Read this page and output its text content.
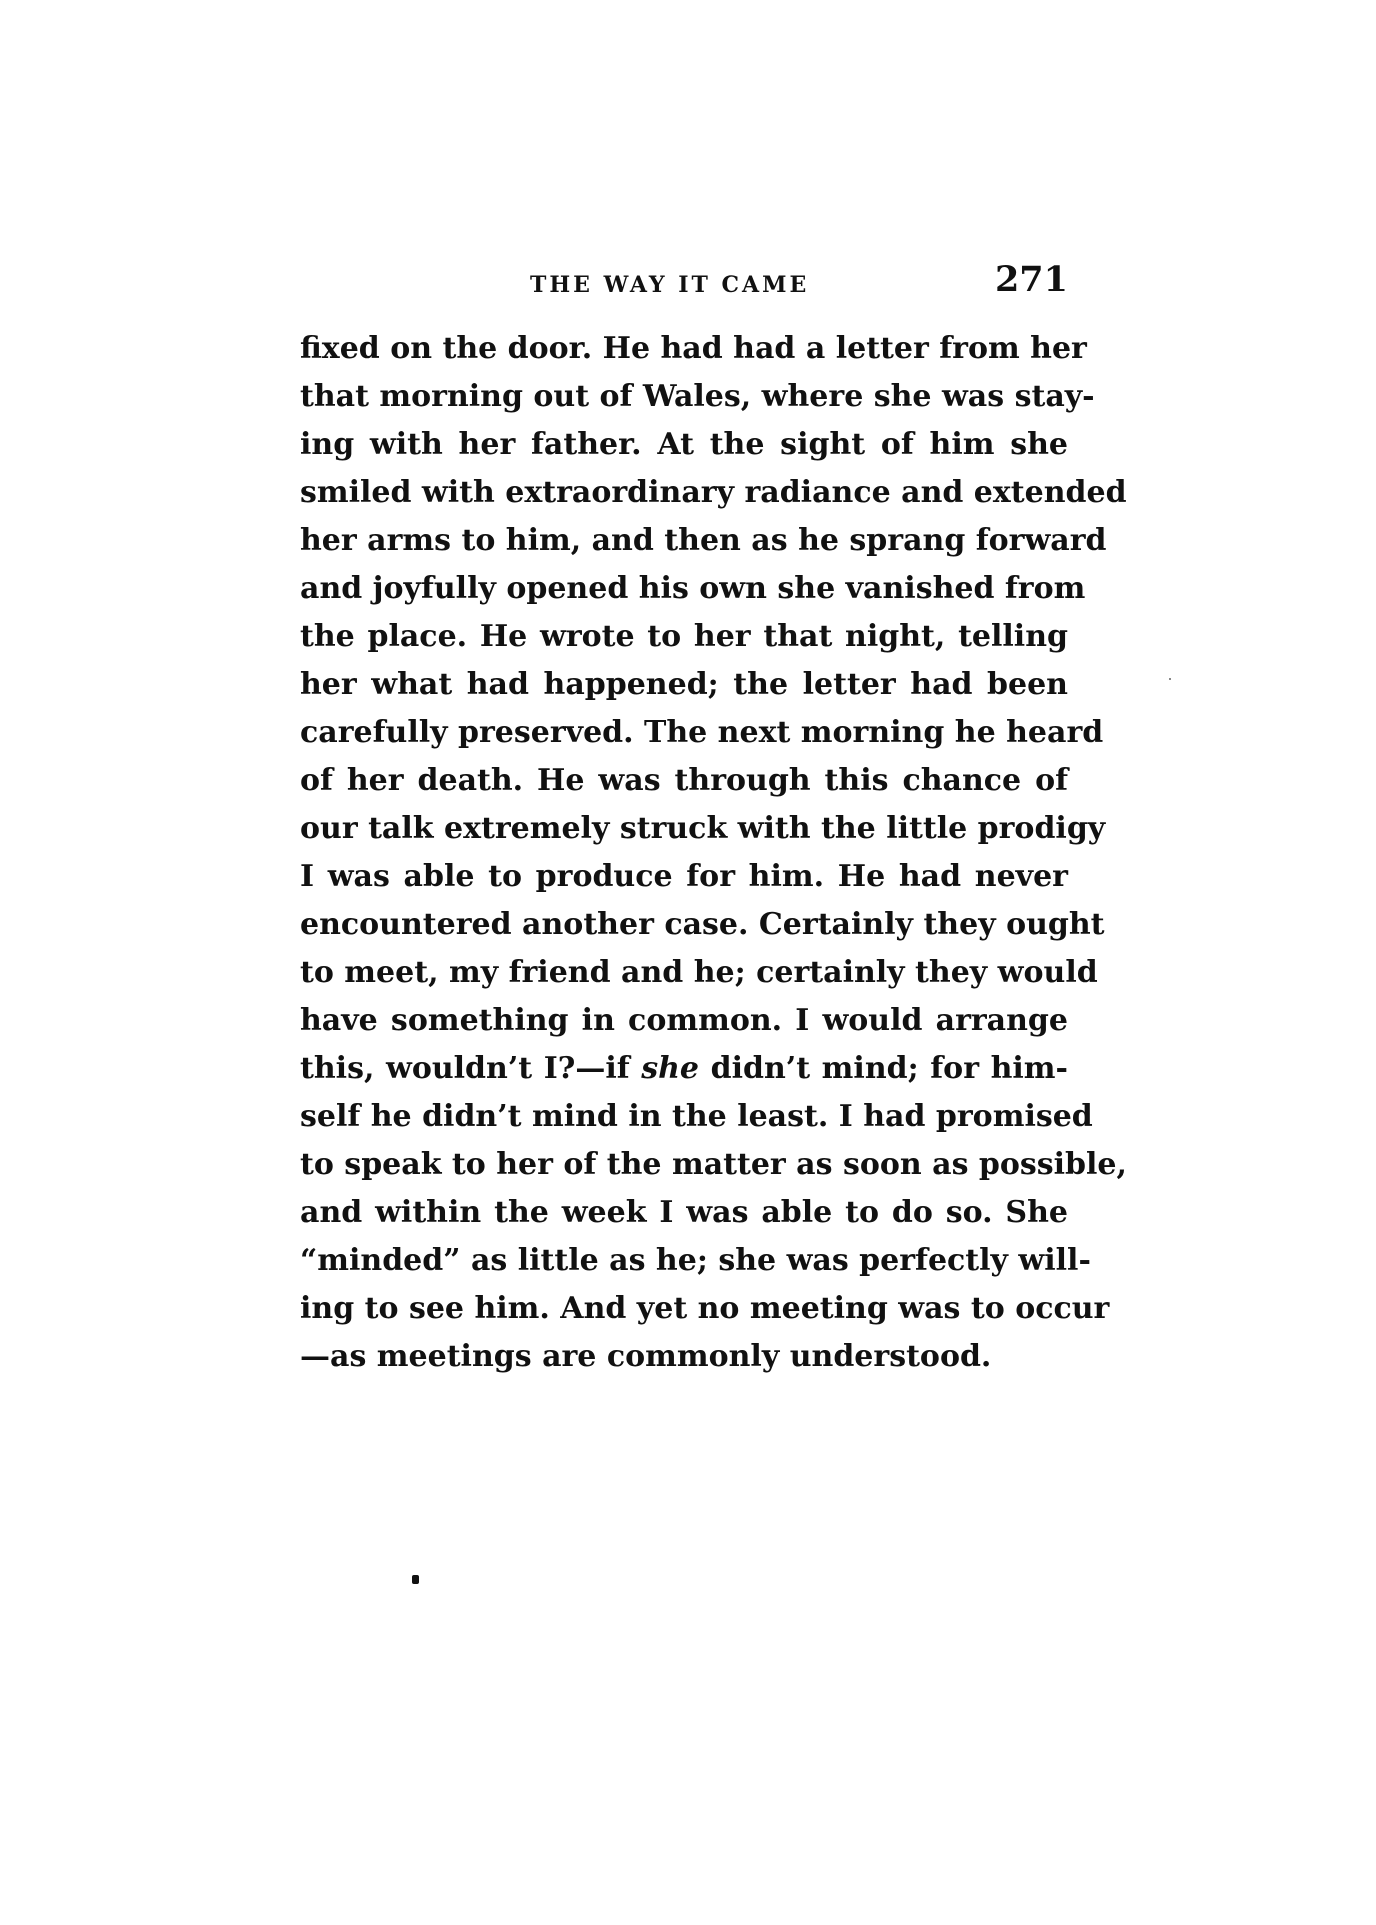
THE WAY IT CAME	271
fixed on the door. He had had a letter from her
that morning out of Wales, where she was stay-
ing with her father. At the sight of him she
smiled with extraordinary radiance and extended
her arms to him, and then as he sprang forward
and joyfully opened his own she vanished from
the place. He wrote to her that night, telling
her what had happened; the letter had been
carefully preserved. The next morning he heard
of her death. He was through this chance of
our talk extremely struck with the little prodigy
I was able to produce for him. He had never
encountered another case. Certainly they ought
to meet, my friend and he; certainly they would
have something in common. I would arrange
this, wouldn’t I?—if she didn’t mind; for him-
self he didn’t mind in the least. I had promised
to speak to her of the matter as soon as possible,
and within the week I was able to do so. She
“minded” as little as he; she was perfectly will-
ing to see him. And yet no meeting was to occur
—as meetings are commonly understood.
